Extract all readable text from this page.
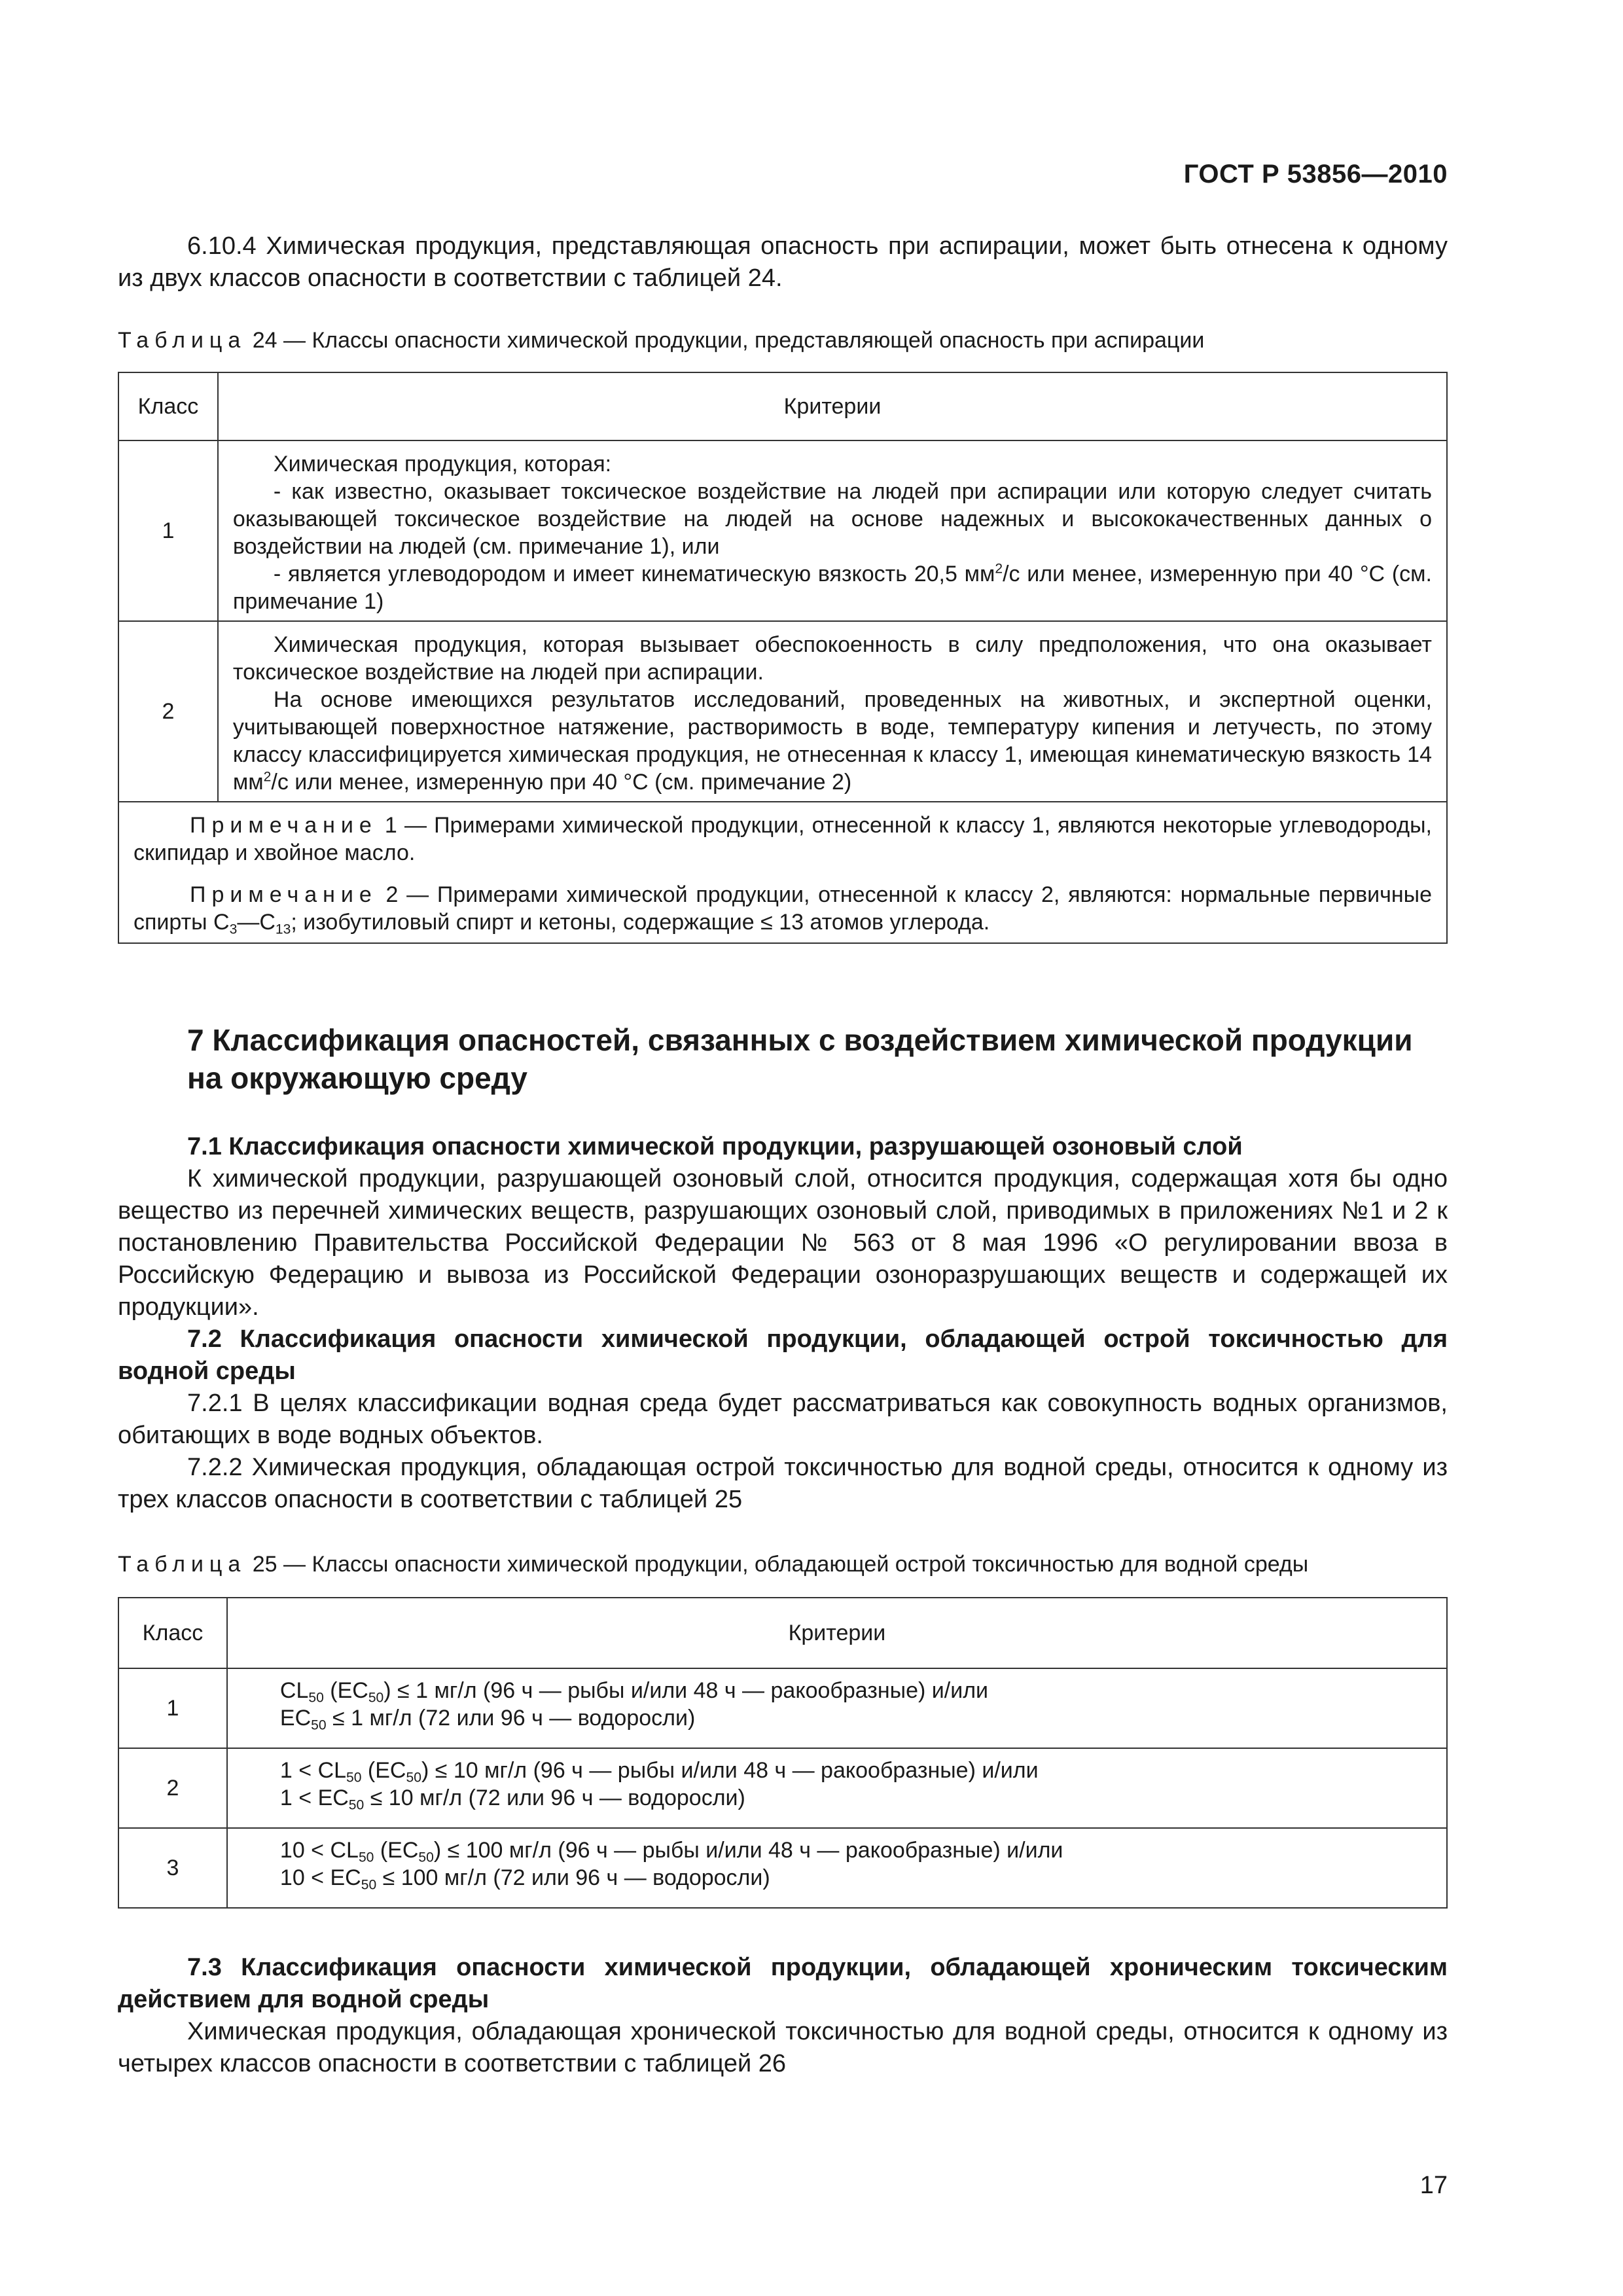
ГОСТ Р 53856—2010
6.10.4 Химическая продукция, представляющая опасность при аспирации, может быть отнесена к одному из двух классов опасности в соответствии с таблицей 24.
Таблица 24 — Классы опасности химической продукции, представляющей опасность при аспирации
Класс	Критерии
1	Химическая продукция, которая:

- как известно, оказывает токсическое воздействие на людей при аспирации или которую следует считать оказывающей токсическое воздействие на людей на основе надежных и высококачественных данных о воздействии на людей (см. примечание 1), или

- является углеводородом и имеет кинематическую вязкость 20,5 $мм^2/с$ или менее, измеренную при 40 °С (см. примечание 1)

2	Химическая продукция, которая вызывает обеспокоенность в силу предположения, что она оказывает токсическое воздействие на людей при аспирации.

На основе имеющихся результатов исследований, проведенных на животных, и экспертной оценки, учитывающей поверхностное натяжение, растворимость в воде, температуру кипения и летучесть, по этому классу классифицируется химическая продукция, не отнесенная к классу 1, имеющая кинематическую вязкость 14 $мм^2/с$ или менее, измеренную при 40 °С (см. примечание 2)

Примечание 1 — Примерами химической продукции, отнесенной к классу 1, являются некоторые углеводороды, скипидар и хвойное масло.

Примечание 2 — Примерами химической продукции, отнесенной к классу 2, являются: нормальные первичные спирты $С_3—С_{13}$; изобутиловый спирт и кетоны, содержащие ≤ 13 атомов углерода.	

7 Классификация опасностей, связанных с воздействием химической продукции на окружающую среду
7.1 Классификация опасности химической продукции, разрушающей озоновый слой
К химической продукции, разрушающей озоновый слой, относится продукция, содержащая хотя бы одно вещество из перечней химических веществ, разрушающих озоновый слой, приводимых в приложениях №1 и 2 к постановлению Правительства Российской Федерации № 563 от 8 мая 1996 «О регулировании ввоза в Российскую Федерацию и вывоза из Российской Федерации озоноразрушающих веществ и содержащей их продукции».
7.2 Классификация опасности химической продукции, обладающей острой токсичностью для водной среды
7.2.1 В целях классификации водная среда будет рассматриваться как совокупность водных организмов, обитающих в воде водных объектов.
7.2.2 Химическая продукция, обладающая острой токсичностью для водной среды, относится к одному из трех классов опасности в соответствии с таблицей 25
Таблица 25 — Классы опасности химической продукции, обладающей острой токсичностью для водной среды
Класс	Критерии
1	$CL_{50}$ $(EC_{50}) \le 1$ мг/л (96 ч — рыбы и/или 48 ч — ракообразные) и/или

$EC_{50} \le 1$ мг/л (72 или 96 ч — водоросли)

2	$1 < CL_{50}$ $(EC_{50}) \le 10$ мг/л (96 ч — рыбы и/или 48 ч — ракообразные) и/или

$1 < EC_{50} \le 10$ мг/л (72 или 96 ч — водоросли)

3	$10 < CL_{50}$ $(EC_{50}) \le 100$ мг/л (96 ч — рыбы и/или 48 ч — ракообразные) и/или

$10 < EC_{50} \le 100$ мг/л (72 или 96 ч — водоросли)

7.3 Классификация опасности химической продукции, обладающей хроническим токсическим действием для водной среды
Химическая продукция, обладающая хронической токсичностью для водной среды, относится к одному из четырех классов опасности в соответствии с таблицей 26
17
